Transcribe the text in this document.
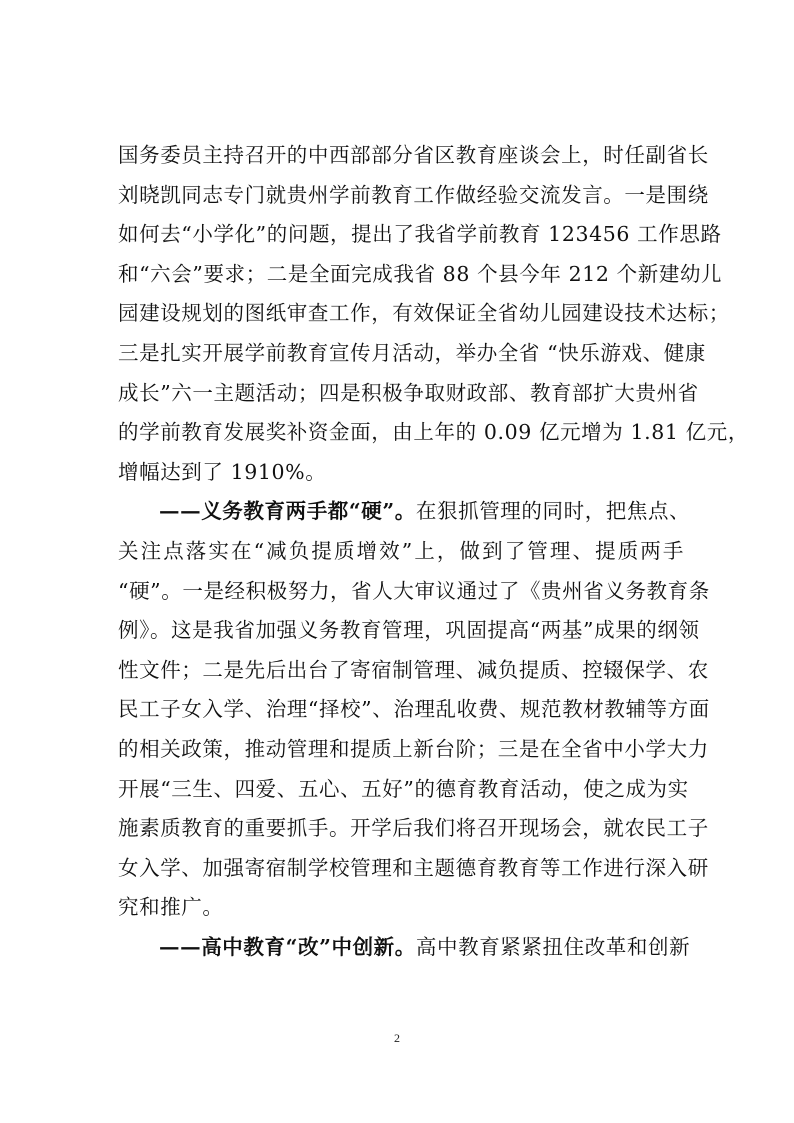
国务委员主持召开的中西部部分省区教育座谈会上，时任副省长
刘晓凯同志专门就贵州学前教育工作做经验交流发言。一是围绕
如何去“小学化”的问题，提出了我省学前教育 123456 工作思路
和“六会”要求；二是全面完成我省 88 个县今年 212 个新建幼儿
园建设规划的图纸审查工作，有效保证全省幼儿园建设技术达标；
三是扎实开展学前教育宣传月活动，举办全省 “快乐游戏、健康
成长”六一主题活动；四是积极争取财政部、教育部扩大贵州省
的学前教育发展奖补资金面，由上年的 0.09 亿元增为 1.81 亿元，
增幅达到了 1910%。
——义务教育两手都“硬”。在狠抓管理的同时，把焦点、
关注点落实在“减负提质增效”上，做到了管理、提质两手
“硬”。一是经积极努力，省人大审议通过了《贵州省义务教育条
例》。这是我省加强义务教育管理，巩固提高“两基”成果的纲领
性文件；二是先后出台了寄宿制管理、减负提质、控辍保学、农
民工子女入学、治理“择校”、治理乱收费、规范教材教辅等方面
的相关政策，推动管理和提质上新台阶；三是在全省中小学大力
开展“三生、四爱、五心、五好”的德育教育活动，使之成为实
施素质教育的重要抓手。开学后我们将召开现场会，就农民工子
女入学、加强寄宿制学校管理和主题德育教育等工作进行深入研
究和推广。
——高中教育“改”中创新。高中教育紧紧扭住改革和创新
2
